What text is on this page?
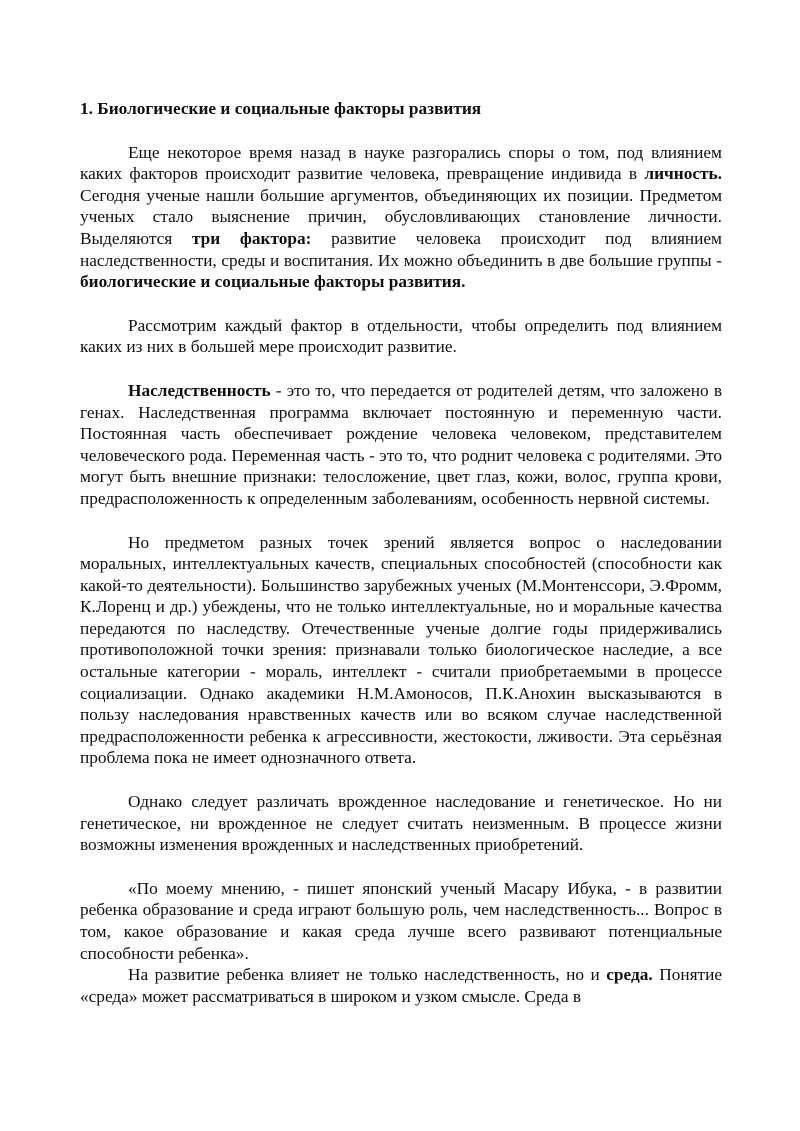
1. Биологические и социальные факторы развития

Еще некоторое время назад в науке разгорались споры о том, под влиянием каких факторов происходит развитие человека, превращение индивида в личность. Сегодня ученые нашли большие аргументов, объединяющих их позиции. Предметом ученых стало выяснение причин, обусловливающих становление личности. Выделяются три фактора: развитие человека происходит под влиянием наследственности, среды и воспитания. Их можно объединить в две большие группы - биологические и социальные факторы развития.

Рассмотрим каждый фактор в отдельности, чтобы определить под влиянием каких из них в большей мере происходит развитие.

Наследственность - это то, что передается от родителей детям, что заложено в генах. Наследственная программа включает постоянную и переменную части. Постоянная часть обеспечивает рождение человека человеком, представителем человеческого рода. Переменная часть - это то, что роднит человека с родителями. Это могут быть внешние признаки: телосложение, цвет глаз, кожи, волос, группа крови, предрасположенность к определенным заболеваниям, особенность нервной системы.

Но предметом разных точек зрений является вопрос о наследовании моральных, интеллектуальных качеств, специальных способностей (способности как какой-то деятельности). Большинство зарубежных ученых (М.Монтенссори, Э.Фромм, К.Лоренц и др.) убеждены, что не только интеллектуальные, но и моральные качества передаются по наследству. Отечественные ученые долгие годы придерживались противоположной точки зрения: признавали только биологическое наследие, а все остальные категории - мораль, интеллект - считали приобретаемыми в процессе социализации. Однако академики Н.М.Амоносов, П.К.Анохин высказываются в пользу наследования нравственных качеств или во всяком случае наследственной предрасположенности ребенка к агрессивности, жестокости, лживости. Эта серьёзная проблема пока не имеет однозначного ответа.

Однако следует различать врожденное наследование и генетическое. Но ни генетическое, ни врожденное не следует считать неизменным. В процессе жизни возможны изменения врожденных и наследственных приобретений.

«По моему мнению, - пишет японский ученый Масару Ибука, - в развитии ребенка образование и среда играют большую роль, чем наследственность... Вопрос в том, какое образование и какая среда лучше всего развивают потенциальные способности ребенка».

На развитие ребенка влияет не только наследственность, но и среда. Понятие «среда» может рассматриваться в широком и узком смысле. Среда в
